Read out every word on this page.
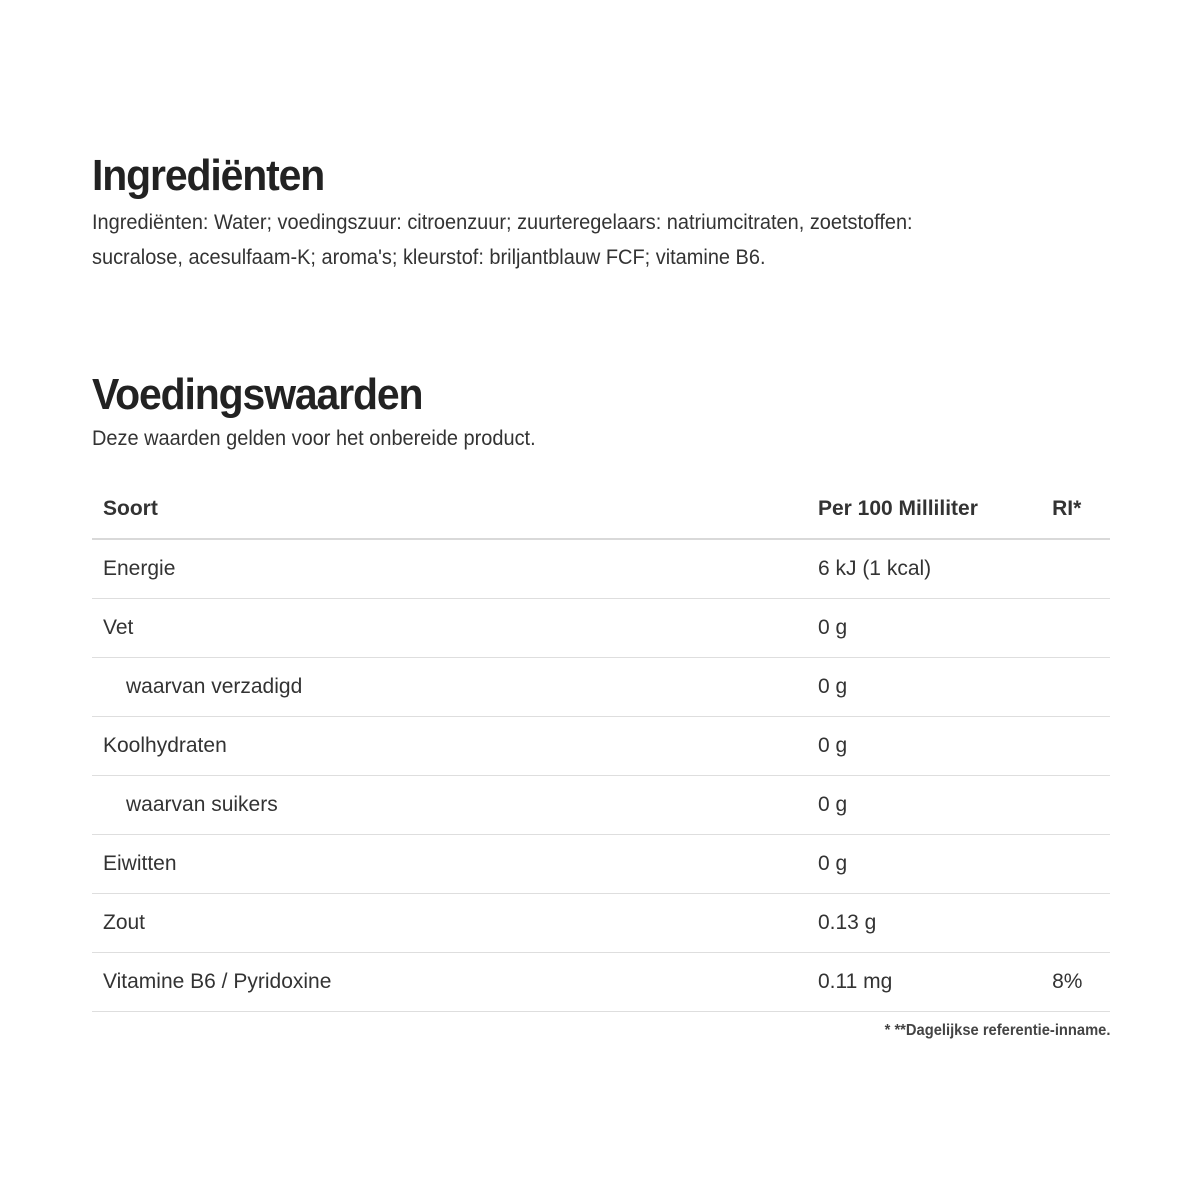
Ingrediënten

Ingrediënten: Water; voedingszuur: citroenzuur; zuurteregelaars: natriumcitraten, zoetstoffen: sucralose, acesulfaam-K; aroma's; kleurstof: briljantblauw FCF; vitamine B6.

Voedingswaarden

Deze waarden gelden voor het onbereide product.

Soort	Per 100 Milliliter	RI*
Energie	6 kJ (1 kcal)	
Vet	0 g	
waarvan verzadigd	0 g	
Koolhydraten	0 g	
waarvan suikers	0 g	
Eiwitten	0 g	
Zout	0.13 g	
Vitamine B6 / Pyridoxine	0.11 mg	8%

* **Dagelijkse referentie-inname.
